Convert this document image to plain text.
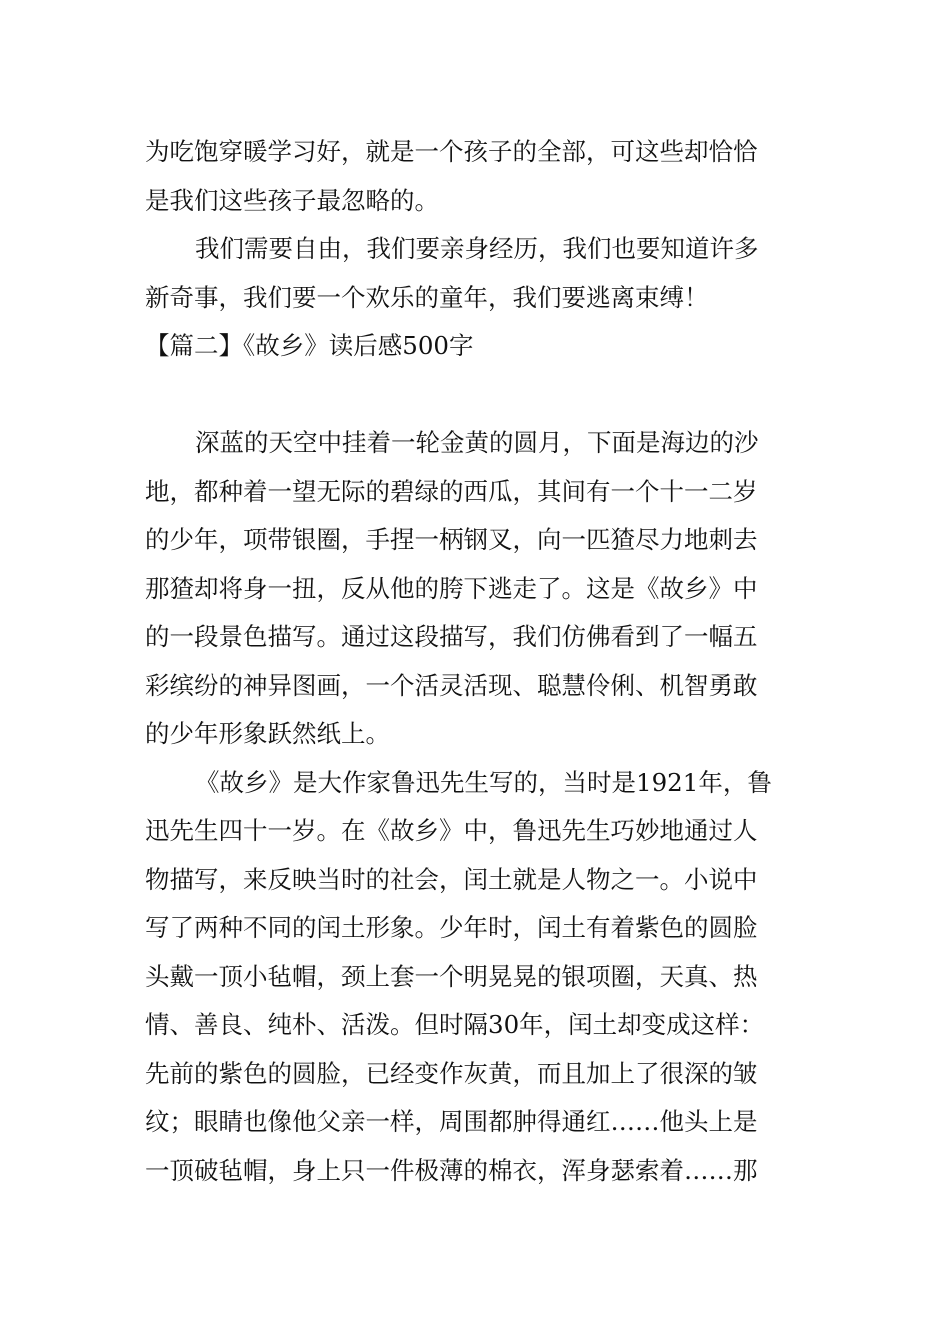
为吃饱穿暖学习好，就是一个孩子的全部，可这些却恰恰
是我们这些孩子最忽略的。
我们需要自由，我们要亲身经历，我们也要知道许多
新奇事，我们要一个欢乐的童年，我们要逃离束缚！
【篇二】《故乡》读后感500字
深蓝的天空中挂着一轮金黄的圆月，下面是海边的沙
地，都种着一望无际的碧绿的西瓜，其间有一个十一二岁
的少年，项带银圈，手捏一柄钢叉，向一匹猹尽力地刺去
那猹却将身一扭，反从他的胯下逃走了。这是《故乡》中
的一段景色描写。通过这段描写，我们仿佛看到了一幅五
彩缤纷的神异图画，一个活灵活现、聪慧伶俐、机智勇敢
的少年形象跃然纸上。
《故乡》是大作家鲁迅先生写的，当时是1921年，鲁
迅先生四十一岁。在《故乡》中，鲁迅先生巧妙地通过人
物描写，来反映当时的社会，闰土就是人物之一。小说中
写了两种不同的闰土形象。少年时，闰土有着紫色的圆脸
头戴一顶小毡帽，颈上套一个明晃晃的银项圈，天真、热
情、善良、纯朴、活泼。但时隔30年，闰土却变成这样：
先前的紫色的圆脸，已经变作灰黄，而且加上了很深的皱
纹；眼睛也像他父亲一样，周围都肿得通红……他头上是
一顶破毡帽，身上只一件极薄的棉衣，浑身瑟索着……那
